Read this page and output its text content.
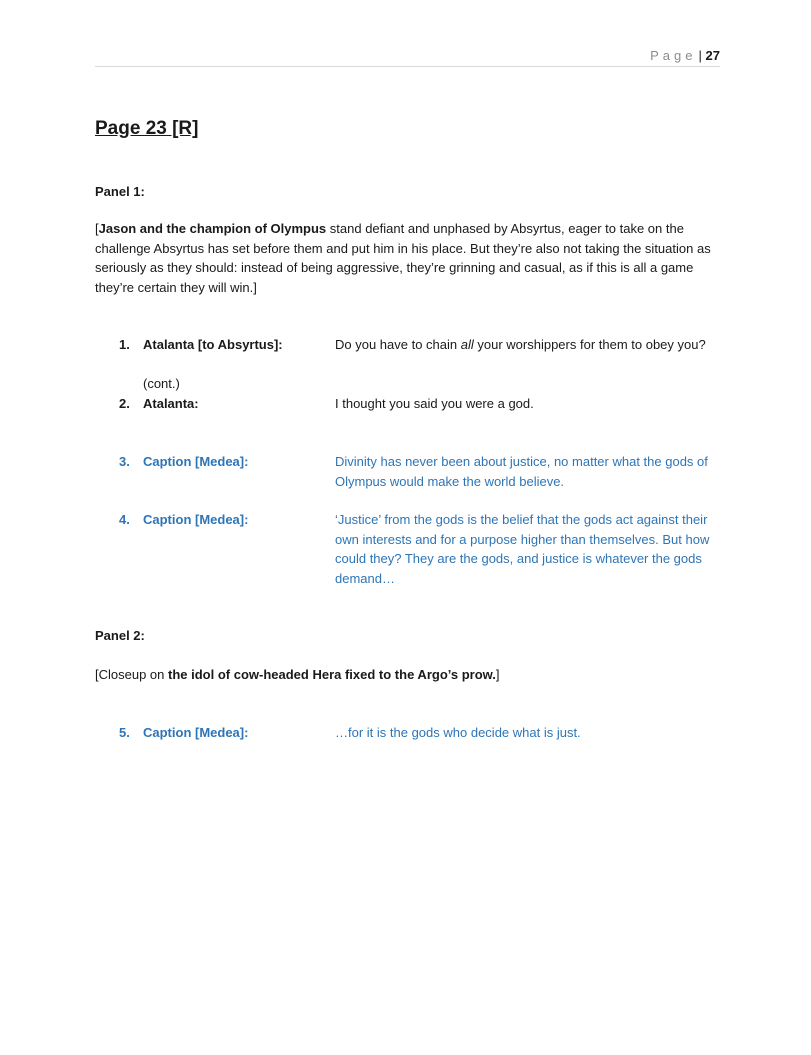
Page | 27
Page 23 [R]
Panel 1:

[Jason and the champion of Olympus stand defiant and unphased by Absyrtus, eager to take on the challenge Absyrtus has set before them and put him in his place. But they’re also not taking the situation as seriously as they should: instead of being aggressive, they’re grinning and casual, as if this is all a game they’re certain they will win.]

1. Atalanta [to Absyrtus]:	Do you have to chain all your worshippers for them to obey you?
(cont.)
2. Atalanta:	I thought you said you were a god.
3. Caption [Medea]:	Divinity has never been about justice, no matter what the gods of Olympus would make the world believe.
4. Caption [Medea]:	‘Justice’ from the gods is the belief that the gods act against their own interests and for a purpose higher than themselves. But how could they? They are the gods, and justice is whatever the gods demand…
Panel 2:

[Closeup on the idol of cow-headed Hera fixed to the Argo’s prow.]

5. Caption [Medea]:	…for it is the gods who decide what is just.
